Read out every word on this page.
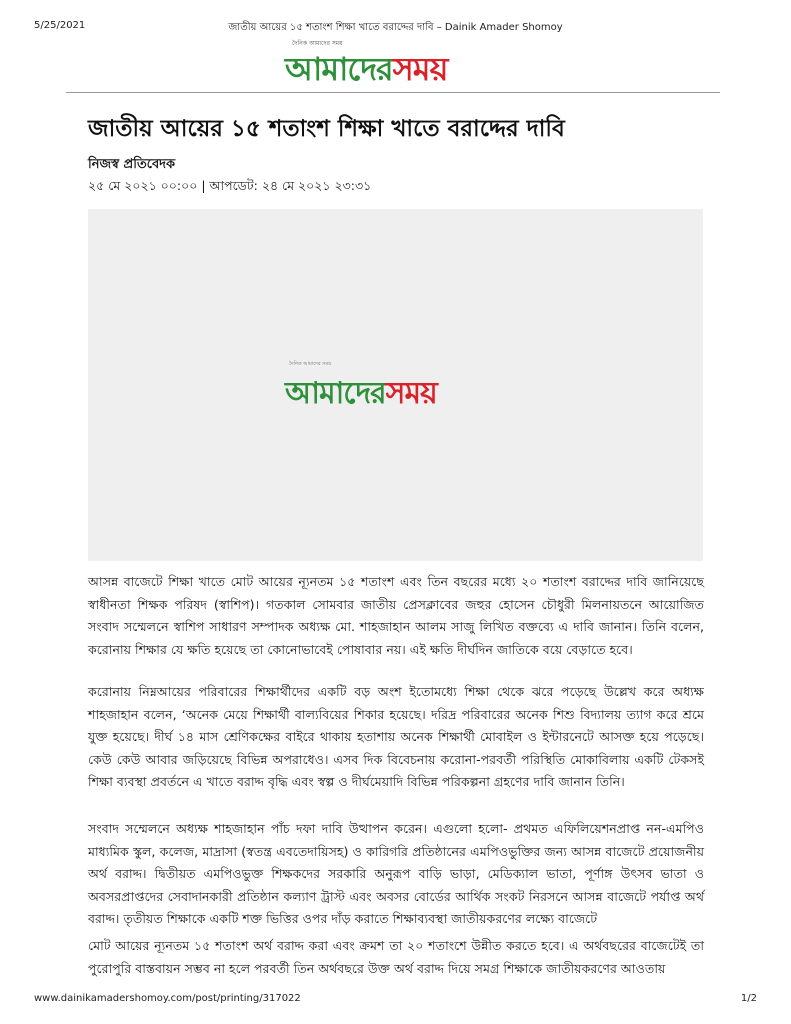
5/25/2021	জাতীয় আয়ের ১৫ শতাংশ শিক্ষা খাতে বরাদ্দের দাবি – Dainik Amader Shomoy
দৈনিক আমাদের সময়
আমাদেরসময়
জাতীয় আয়ের ১৫ শতাংশ শিক্ষা খাতে বরাদ্দের দাবি
নিজস্ব প্রতিবেদক
২৫ মে ২০২১ ০০:০০ | আপডেট: ২৪ মে ২০২১ ২৩:৩১
দৈনিক আমাদের সময়
আমাদেরসময়

আসন্ন বাজেটে শিক্ষা খাতে মোট আয়ের ন্যূনতম ১৫ শতাংশ এবং তিন বছরের মধ্যে ২০ শতাংশ বরাদ্দের দাবি জানিয়েছে স্বাধীনতা শিক্ষক পরিষদ (স্বাশিপ)। গতকাল সোমবার জাতীয় প্রেসক্লাবের জহুর হোসেন চৌধুরী মিলনায়তনে আয়োজিত সংবাদ সম্মেলনে স্বাশিপ সাধারণ সম্পাদক অধ্যক্ষ মো. শাহজাহান আলম সাজু লিখিত বক্তব্যে এ দাবি জানান। তিনি বলেন, করোনায় শিক্ষার যে ক্ষতি হয়েছে তা কোনোভাবেই পোষাবার নয়। এই ক্ষতি দীর্ঘদিন জাতিকে বয়ে বেড়াতে হবে।

করোনায় নিম্নআয়ের পরিবারের শিক্ষার্থীদের একটি বড় অংশ ইতোমধ্যে শিক্ষা থেকে ঝরে পড়েছে উল্লেখ করে অধ্যক্ষ শাহজাহান বলেন, ‘অনেক মেয়ে শিক্ষার্থী বাল্যবিয়ের শিকার হয়েছে। দরিদ্র পরিবারের অনেক শিশু বিদ্যালয় ত্যাগ করে শ্রমে যুক্ত হয়েছে। দীর্ঘ ১৪ মাস শ্রেণিকক্ষের বাইরে থাকায় হতাশায় অনেক শিক্ষার্থী মোবাইল ও ইন্টারনেটে আসক্ত হয়ে পড়েছে। কেউ কেউ আবার জড়িয়েছে বিভিন্ন অপরাধেও। এসব দিক বিবেচনায় করোনা-পরবর্তী পরিস্থিতি মোকাবিলায় একটি টেকসই শিক্ষা ব্যবস্থা প্রবর্তনে এ খাতে বরাদ্দ বৃদ্ধি এবং স্বল্প ও দীর্ঘমেয়াদি বিভিন্ন পরিকল্পনা গ্রহণের দাবি জানান তিনি।

সংবাদ সম্মেলনে অধ্যক্ষ শাহজাহান পাঁচ দফা দাবি উত্থাপন করেন। এগুলো হলো- প্রথমত এফিলিয়েশনপ্রাপ্ত নন-এমপিও মাধ্যমিক স্কুল, কলেজ, মাদ্রাসা (স্বতন্ত্র এবতেদায়িসহ) ও কারিগরি প্রতিষ্ঠানের এমপিওভুক্তির জন্য আসন্ন বাজেটে প্রয়োজনীয় অর্থ বরাদ্দ। দ্বিতীয়ত এমপিওভুক্ত শিক্ষকদের সরকারি অনুরূপ বাড়ি ভাড়া, মেডিক্যাল ভাতা, পূর্ণাঙ্গ উৎসব ভাতা ও অবসরপ্রাপ্তদের সেবাদানকারী প্রতিষ্ঠান কল্যাণ ট্রাস্ট এবং অবসর বোর্ডের আর্থিক সংকট নিরসনে আসন্ন বাজেটে পর্যাপ্ত অর্থ বরাদ্দ। তৃতীয়ত শিক্ষাকে একটি শক্ত ভিত্তির ওপর দাঁড় করাতে শিক্ষাব্যবস্থা জাতীয়করণের লক্ষ্যে বাজেটে

মোট আয়ের ন্যূনতম ১৫ শতাংশ অর্থ বরাদ্দ করা এবং ক্রমশ তা ২০ শতাংশে উন্নীত করতে হবে। এ অর্থবছরের বাজেটেই তা পুরোপুরি বাস্তবায়ন সম্ভব না হলে পরবর্তী তিন অর্থবছরে উক্ত অর্থ বরাদ্দ দিয়ে সমগ্র শিক্ষাকে জাতীয়করণের আওতায়

www.dainikamadershomoy.com/post/printing/317022	1/2
